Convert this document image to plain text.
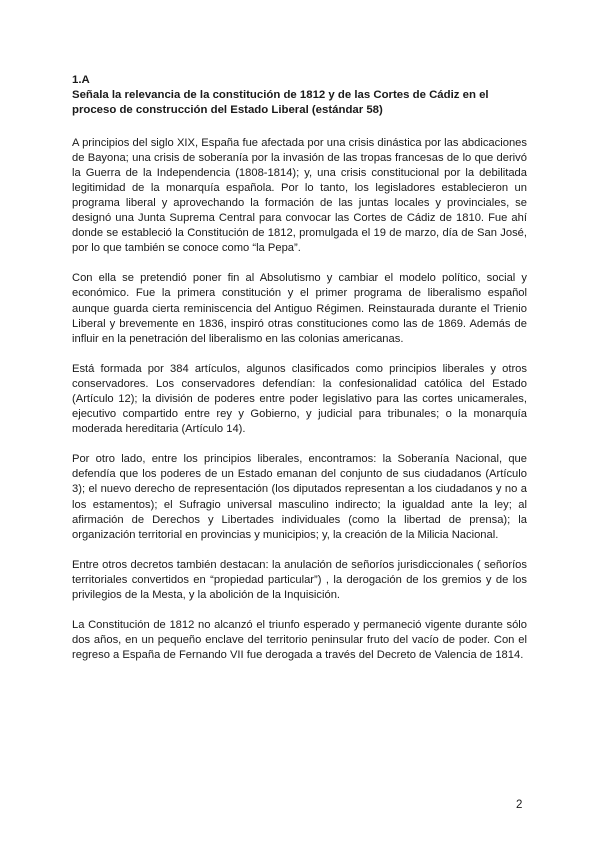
1.A

Señala la relevancia de la constitución de 1812 y de las Cortes de Cádiz en el proceso de construcción del Estado Liberal (estándar 58)

A principios del siglo XIX, España fue afectada por una crisis dinástica por las abdicaciones de Bayona; una crisis de soberanía por la invasión de las tropas francesas de lo que derivó la Guerra de la Independencia (1808-1814); y, una crisis constitucional por la debilitada legitimidad de la monarquía española. Por lo tanto, los legisladores establecieron un programa liberal y aprovechando la formación de las juntas locales y provinciales, se designó una Junta Suprema Central para convocar las Cortes de Cádiz de 1810. Fue ahí donde se estableció la Constitución de 1812, promulgada el 19 de marzo, día de San José, por lo que también se conoce como “la Pepa”.

Con ella se pretendió poner fin al Absolutismo y cambiar el modelo político, social y económico. Fue la primera constitución y el primer programa de liberalismo español aunque guarda cierta reminiscencia del Antiguo Régimen. Reinstaurada durante el Trienio Liberal y brevemente en 1836, inspiró otras constituciones como las de 1869. Además de influir en la penetración del liberalismo en las colonias americanas.

Está formada por 384 artículos, algunos clasificados como principios liberales y otros conservadores. Los conservadores defendían: la confesionalidad católica del Estado (Artículo 12); la división de poderes entre poder legislativo para las cortes unicamerales, ejecutivo compartido entre rey y Gobierno, y judicial para tribunales; o la monarquía moderada hereditaria (Artículo 14).

Por otro lado, entre los principios liberales, encontramos: la Soberanía Nacional, que defendía que los poderes de un Estado emanan del conjunto de sus ciudadanos (Artículo 3); el nuevo derecho de representación (los diputados representan a los ciudadanos y no a los estamentos); el Sufragio universal masculino indirecto; la igualdad ante la ley; al afirmación de Derechos y Libertades individuales (como la libertad de prensa); la organización territorial en provincias y municipios; y, la creación de la Milicia Nacional.

Entre otros decretos también destacan: la anulación de señoríos jurisdiccionales ( señoríos territoriales convertidos en “propiedad particular”) , la derogación de los gremios y de los privilegios de la Mesta, y la abolición de la Inquisición.

La Constitución de 1812 no alcanzó el triunfo esperado y permaneció vigente durante sólo dos años, en un pequeño enclave del territorio peninsular fruto del vacío de poder. Con el regreso a España de Fernando VII fue derogada a través del Decreto de Valencia de 1814.

2
